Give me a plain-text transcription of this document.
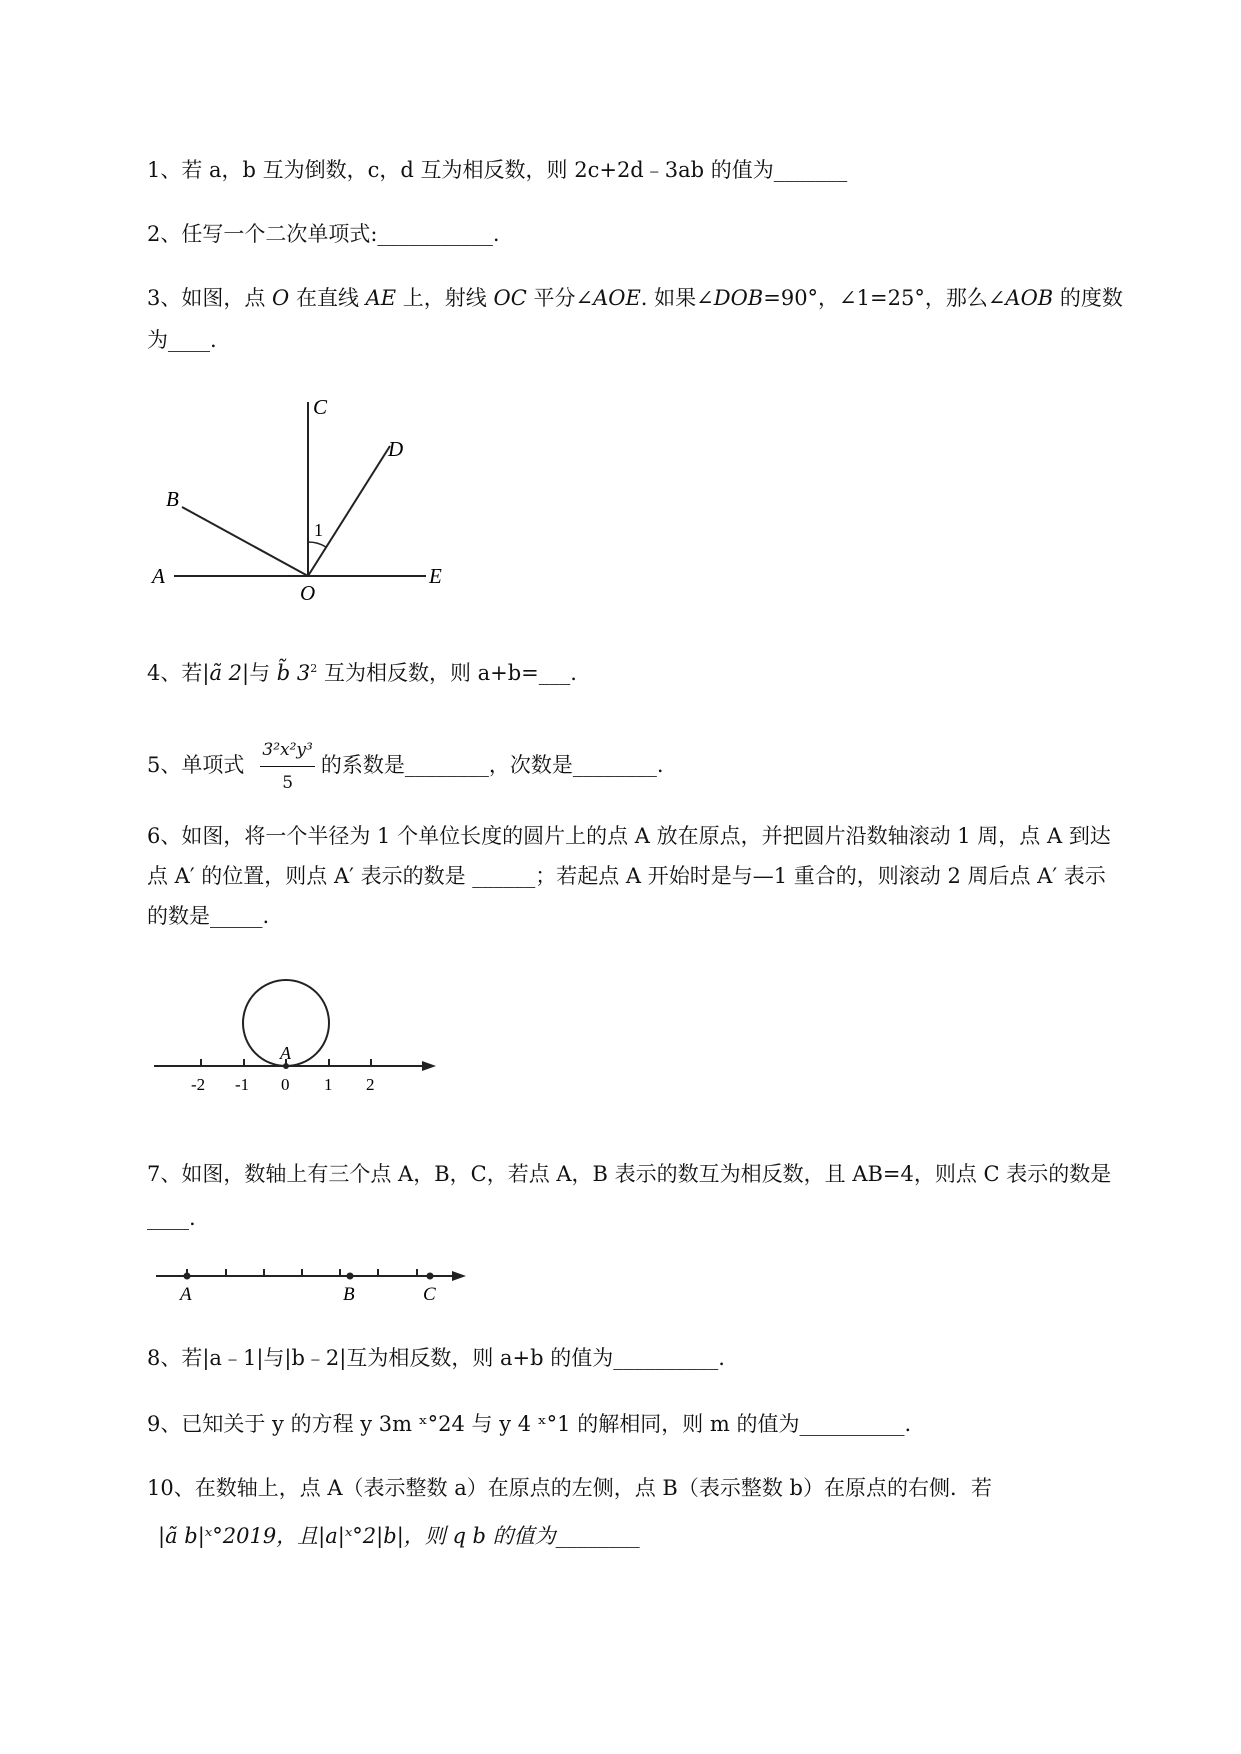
1、若 a，b 互为倒数，c，d 互为相反数，则 2c+2d﹣3ab 的值为_______
2、任写一个二次单项式:___________.
3、如图，点 O 在直线 AE 上，射线 OC 平分∠AOE. 如果∠DOB=90°，∠1=25°，那么∠AOB 的度数
为____.
A
B
C
D
E
O
1
4、若|ã 2|与 b̃ $3^2$ 互为相反数，则 a+b=___.
5、单项式 $\frac{\text{3²x²y³}}{5}$ 的系数是________，次数是________.
6、如图，将一个半径为 1 个单位长度的圆片上的点 A 放在原点，并把圆片沿数轴滚动 1 周，点 A 到达
点 A′ 的位置，则点 A′ 表示的数是 ______；若起点 A 开始时是与—1 重合的，则滚动 2 周后点 A′ 表示
的数是_____.
A
-2 -1 0 1 2
7、如图，数轴上有三个点 A，B，C，若点 A，B 表示的数互为相反数，且 AB=4，则点 C 表示的数是
____.
A	B	C
8、若|a﹣1|与|b﹣2|互为相反数，则 a+b 的值为__________.
9、已知关于 y 的方程 y 3m ˣ°24 与 y 4 ˣ°1 的解相同，则 m 的值为__________.
10、在数轴上，点 A（表示整数 a）在原点的左侧，点 B（表示整数 b）在原点的右侧．若
|ã b|ˣ°2019，且|a|ˣ°2|b|，则 q b 的值为________
